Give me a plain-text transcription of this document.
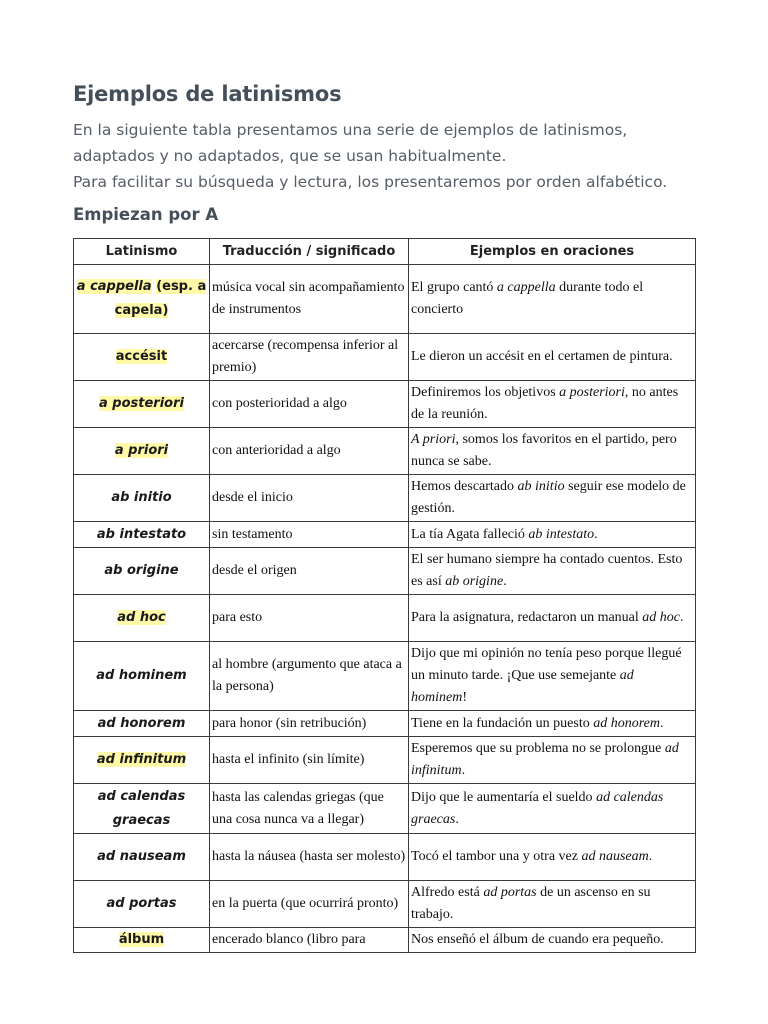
Ejemplos de latinismos

En la siguiente tabla presentamos una serie de ejemplos de latinismos,
adaptados y no adaptados, que se usan habitualmente.
Para facilitar su búsqueda y lectura, los presentaremos por orden alfabético.

Empiezan por A
Latinismo	Traducción / significado	Ejemplos en oraciones
a cappella (esp. a capela)	música vocal sin acompañamiento de instrumentos	El grupo cantó a cappella durante todo el concierto
accésit	acercarse (recompensa inferior al premio)	Le dieron un accésit en el certamen de pintura.
a posteriori	con posterioridad a algo	Definiremos los objetivos a posteriori, no antes de la reunión.
a priori	con anterioridad a algo	A priori, somos los favoritos en el partido, pero nunca se sabe.
ab initio	desde el inicio	Hemos descartado ab initio seguir ese modelo de gestión.
ab intestato	sin testamento	La tía Agata falleció ab intestato.
ab origine	desde el origen	El ser humano siempre ha contado cuentos. Esto es así ab origine.
ad hoc	para esto	Para la asignatura, redactaron un manual ad hoc.
ad hominem	al hombre (argumento que ataca a la persona)	Dijo que mi opinión no tenía peso porque llegué un minuto tarde. ¡Que use semejante ad hominem!
ad honorem	para honor (sin retribución)	Tiene en la fundación un puesto ad honorem.
ad infinitum	hasta el infinito (sin límite)	Esperemos que su problema no se prolongue ad infinitum.
ad calendas graecas	hasta las calendas griegas (que una cosa nunca va a llegar)	Dijo que le aumentaría el sueldo ad calendas graecas.
ad nauseam	hasta la náusea (hasta ser molesto)	Tocó el tambor una y otra vez ad nauseam.
ad portas	en la puerta (que ocurrirá pronto)	Alfredo está ad portas de un ascenso en su trabajo.
álbum	encerado blanco (libro para	Nos enseñó el álbum de cuando era pequeño.
